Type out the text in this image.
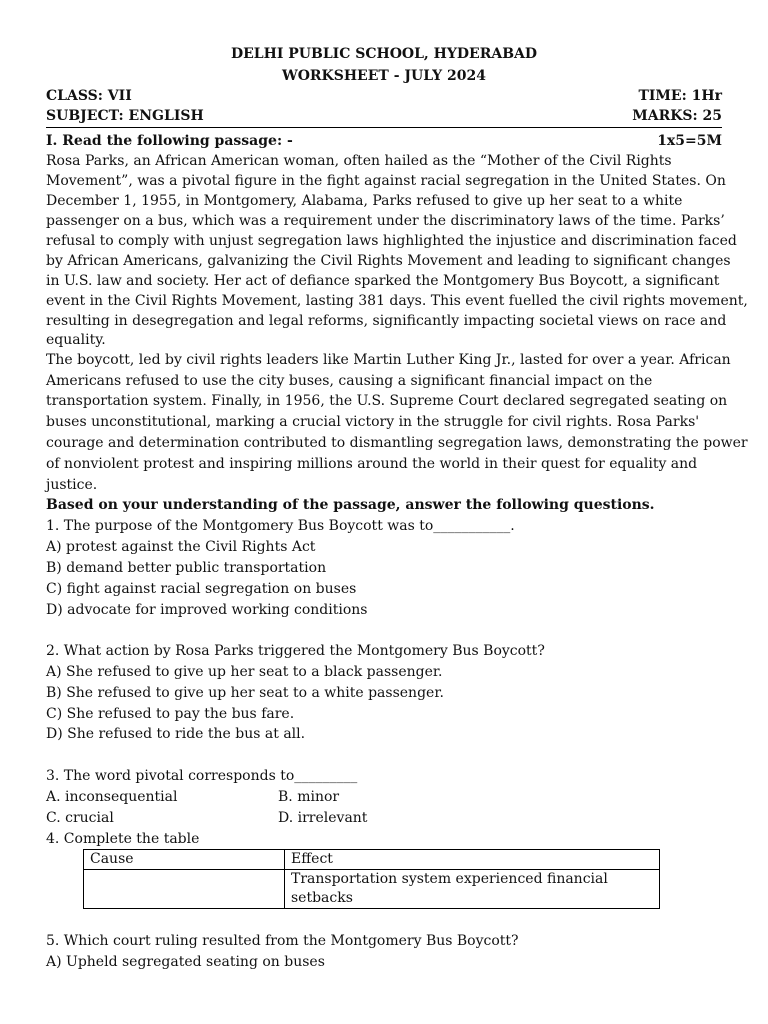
DELHI PUBLIC SCHOOL, HYDERABAD
WORKSHEET - JULY 2024
CLASS: VII	TIME: 1Hr
SUBJECT: ENGLISH	MARKS: 25
I. Read the following passage: -	1x5=5M
Rosa Parks, an African American woman, often hailed as the “Mother of the Civil Rights
Movement”, was a pivotal figure in the fight against racial segregation in the United States. On
December 1, 1955, in Montgomery, Alabama, Parks refused to give up her seat to a white
passenger on a bus, which was a requirement under the discriminatory laws of the time. Parks’
refusal to comply with unjust segregation laws highlighted the injustice and discrimination faced
by African Americans, galvanizing the Civil Rights Movement and leading to significant changes
in U.S. law and society. Her act of defiance sparked the Montgomery Bus Boycott, a significant
event in the Civil Rights Movement, lasting 381 days. This event fuelled the civil rights movement,
resulting in desegregation and legal reforms, significantly impacting societal views on race and
equality.
The boycott, led by civil rights leaders like Martin Luther King Jr., lasted for over a year. African
Americans refused to use the city buses, causing a significant financial impact on the
transportation system. Finally, in 1956, the U.S. Supreme Court declared segregated seating on
buses unconstitutional, marking a crucial victory in the struggle for civil rights. Rosa Parks'
courage and determination contributed to dismantling segregation laws, demonstrating the power
of nonviolent protest and inspiring millions around the world in their quest for equality and
justice.
Based on your understanding of the passage, answer the following questions.
1. The purpose of the Montgomery Bus Boycott was to___________.
A) protest against the Civil Rights Act
B) demand better public transportation
C) fight against racial segregation on buses
D) advocate for improved working conditions
2. What action by Rosa Parks triggered the Montgomery Bus Boycott?
A) She refused to give up her seat to a black passenger.
B) She refused to give up her seat to a white passenger.
C) She refused to pay the bus fare.
D) She refused to ride the bus at all.
3. The word pivotal corresponds to_________
A. inconsequential	B. minor
C. crucial	D. irrelevant
4. Complete the table
Cause	Effect

	Transportation system experienced financial
setbacks
5. Which court ruling resulted from the Montgomery Bus Boycott?
A) Upheld segregated seating on buses
